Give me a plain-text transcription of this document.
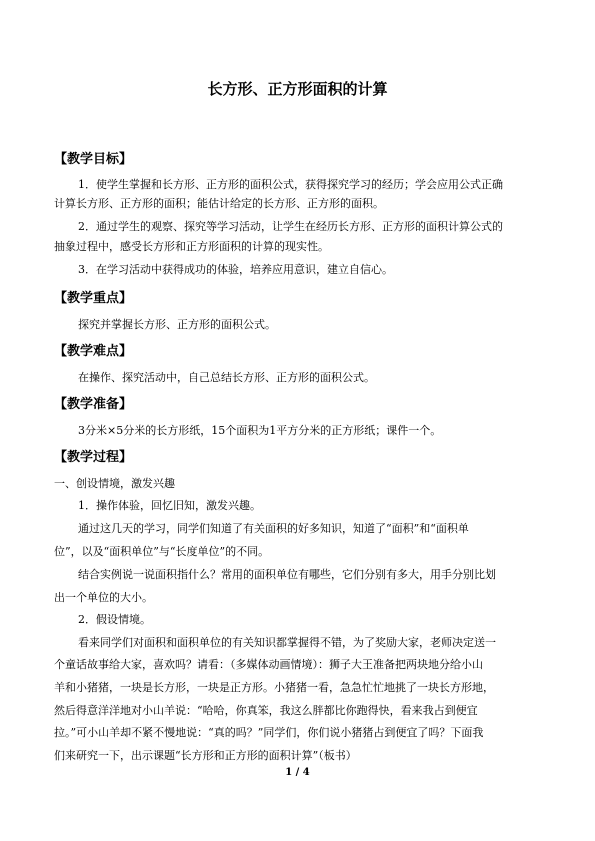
长方形、正方形面积的计算
【教学目标】
1．使学生掌握和长方形、正方形的面积公式，获得探究学习的经历；学会应用公式正确
计算长方形、正方形的面积；能估计给定的长方形、正方形的面积。
2．通过学生的观察、探究等学习活动，让学生在经历长方形、正方形的面积计算公式的
抽象过程中，感受长方形和正方形面积的计算的现实性。
3．在学习活动中获得成功的体验，培养应用意识，建立自信心。
【教学重点】
探究并掌握长方形、正方形的面积公式。
【教学难点】
在操作、探究活动中，自己总结长方形、正方形的面积公式。
【教学准备】
3分米×5分米的长方形纸，15个面积为1平方分米的正方形纸；课件一个。
【教学过程】
一、创设情境，激发兴趣
1．操作体验，回忆旧知，激发兴趣。
通过这几天的学习，同学们知道了有关面积的好多知识，知道了“面积”和“面积单
位”，以及“面积单位”与“长度单位”的不同。
结合实例说一说面积指什么？常用的面积单位有哪些，它们分别有多大，用手分别比划
出一个单位的大小。
2．假设情境。
看来同学们对面积和面积单位的有关知识都掌握得不错，为了奖励大家，老师决定送一
个童话故事给大家，喜欢吗？请看：（多媒体动画情境）：狮子大王准备把两块地分给小山
羊和小猪猪，一块是长方形，一块是正方形。小猪猪一看，急急忙忙地挑了一块长方形地，
然后得意洋洋地对小山羊说：“哈哈，你真笨，我这么胖都比你跑得快，看来我占到便宜
拉。”可小山羊却不紧不慢地说：“真的吗？”同学们，你们说小猪猪占到便宜了吗？下面我
们来研究一下，出示课题“长方形和正方形的面积计算”（板书）
1 / 4
